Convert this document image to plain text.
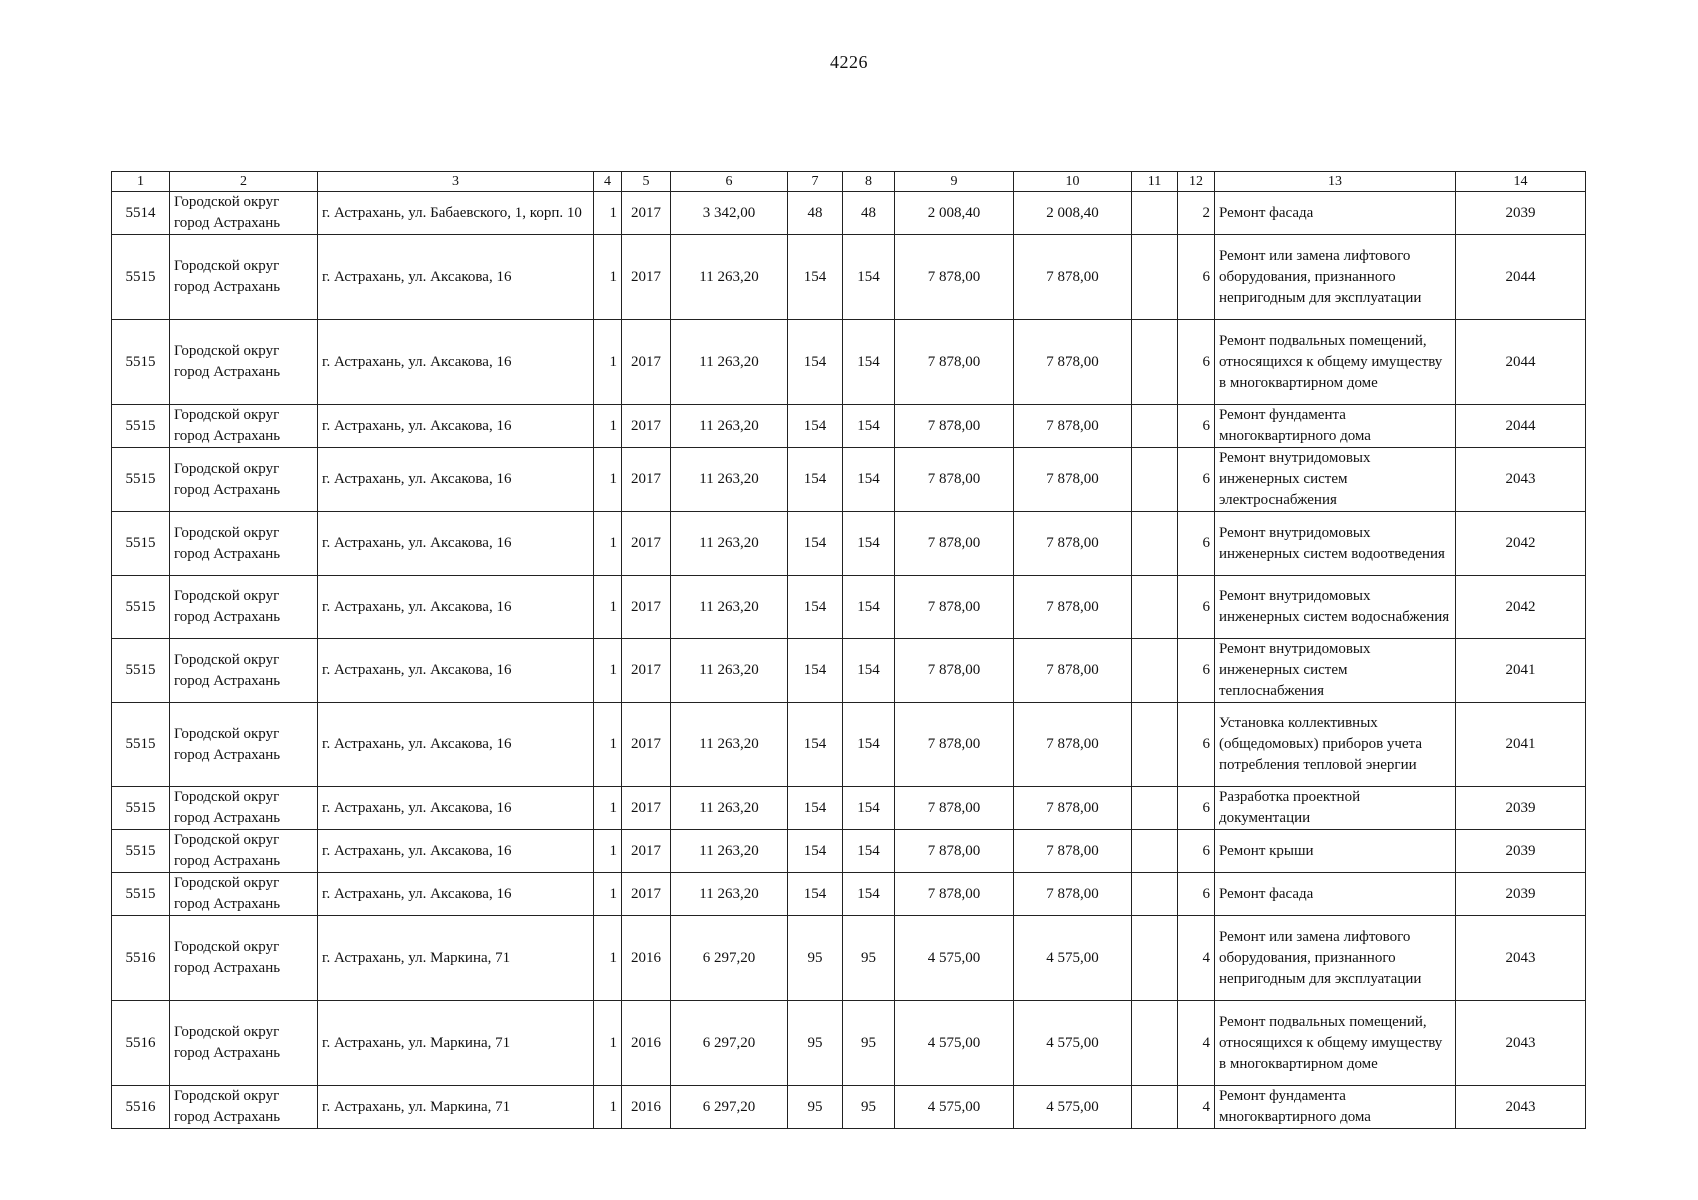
4226
1	2	3	4	5	6	7	8	9	10	11	12	13	14
5514	Городской округ город Астрахань	г. Астрахань, ул. Бабаевского, 1, корп. 10	1	2017	3 342,00	48	48	2 008,40	2 008,40		2	Ремонт фасада	2039
5515	Городской округ город Астрахань	г. Астрахань, ул. Аксакова, 16	1	2017	11 263,20	154	154	7 878,00	7 878,00		6	Ремонт или замена лифтового оборудования, признанного непригодным для эксплуатации	2044
5515	Городской округ город Астрахань	г. Астрахань, ул. Аксакова, 16	1	2017	11 263,20	154	154	7 878,00	7 878,00		6	Ремонт подвальных помещений, относящихся к общему имуществу в многоквартирном доме	2044
5515	Городской округ город Астрахань	г. Астрахань, ул. Аксакова, 16	1	2017	11 263,20	154	154	7 878,00	7 878,00		6	Ремонт фундамента многоквартирного дома	2044
5515	Городской округ город Астрахань	г. Астрахань, ул. Аксакова, 16	1	2017	11 263,20	154	154	7 878,00	7 878,00		6	Ремонт внутридомовых инженерных систем электроснабжения	2043
5515	Городской округ город Астрахань	г. Астрахань, ул. Аксакова, 16	1	2017	11 263,20	154	154	7 878,00	7 878,00		6	Ремонт внутридомовых инженерных систем водоотведения	2042
5515	Городской округ город Астрахань	г. Астрахань, ул. Аксакова, 16	1	2017	11 263,20	154	154	7 878,00	7 878,00		6	Ремонт внутридомовых инженерных систем водоснабжения	2042
5515	Городской округ город Астрахань	г. Астрахань, ул. Аксакова, 16	1	2017	11 263,20	154	154	7 878,00	7 878,00		6	Ремонт внутридомовых инженерных систем теплоснабжения	2041
5515	Городской округ город Астрахань	г. Астрахань, ул. Аксакова, 16	1	2017	11 263,20	154	154	7 878,00	7 878,00		6	Установка коллективных (общедомовых) приборов учета потребления тепловой энергии	2041
5515	Городской округ город Астрахань	г. Астрахань, ул. Аксакова, 16	1	2017	11 263,20	154	154	7 878,00	7 878,00		6	Разработка проектной документации	2039
5515	Городской округ город Астрахань	г. Астрахань, ул. Аксакова, 16	1	2017	11 263,20	154	154	7 878,00	7 878,00		6	Ремонт крыши	2039
5515	Городской округ город Астрахань	г. Астрахань, ул. Аксакова, 16	1	2017	11 263,20	154	154	7 878,00	7 878,00		6	Ремонт фасада	2039
5516	Городской округ город Астрахань	г. Астрахань, ул. Маркина, 71	1	2016	6 297,20	95	95	4 575,00	4 575,00		4	Ремонт или замена лифтового оборудования, признанного непригодным для эксплуатации	2043
5516	Городской округ город Астрахань	г. Астрахань, ул. Маркина, 71	1	2016	6 297,20	95	95	4 575,00	4 575,00		4	Ремонт подвальных помещений, относящихся к общему имуществу в многоквартирном доме	2043
5516	Городской округ город Астрахань	г. Астрахань, ул. Маркина, 71	1	2016	6 297,20	95	95	4 575,00	4 575,00		4	Ремонт фундамента многоквартирного дома	2043
